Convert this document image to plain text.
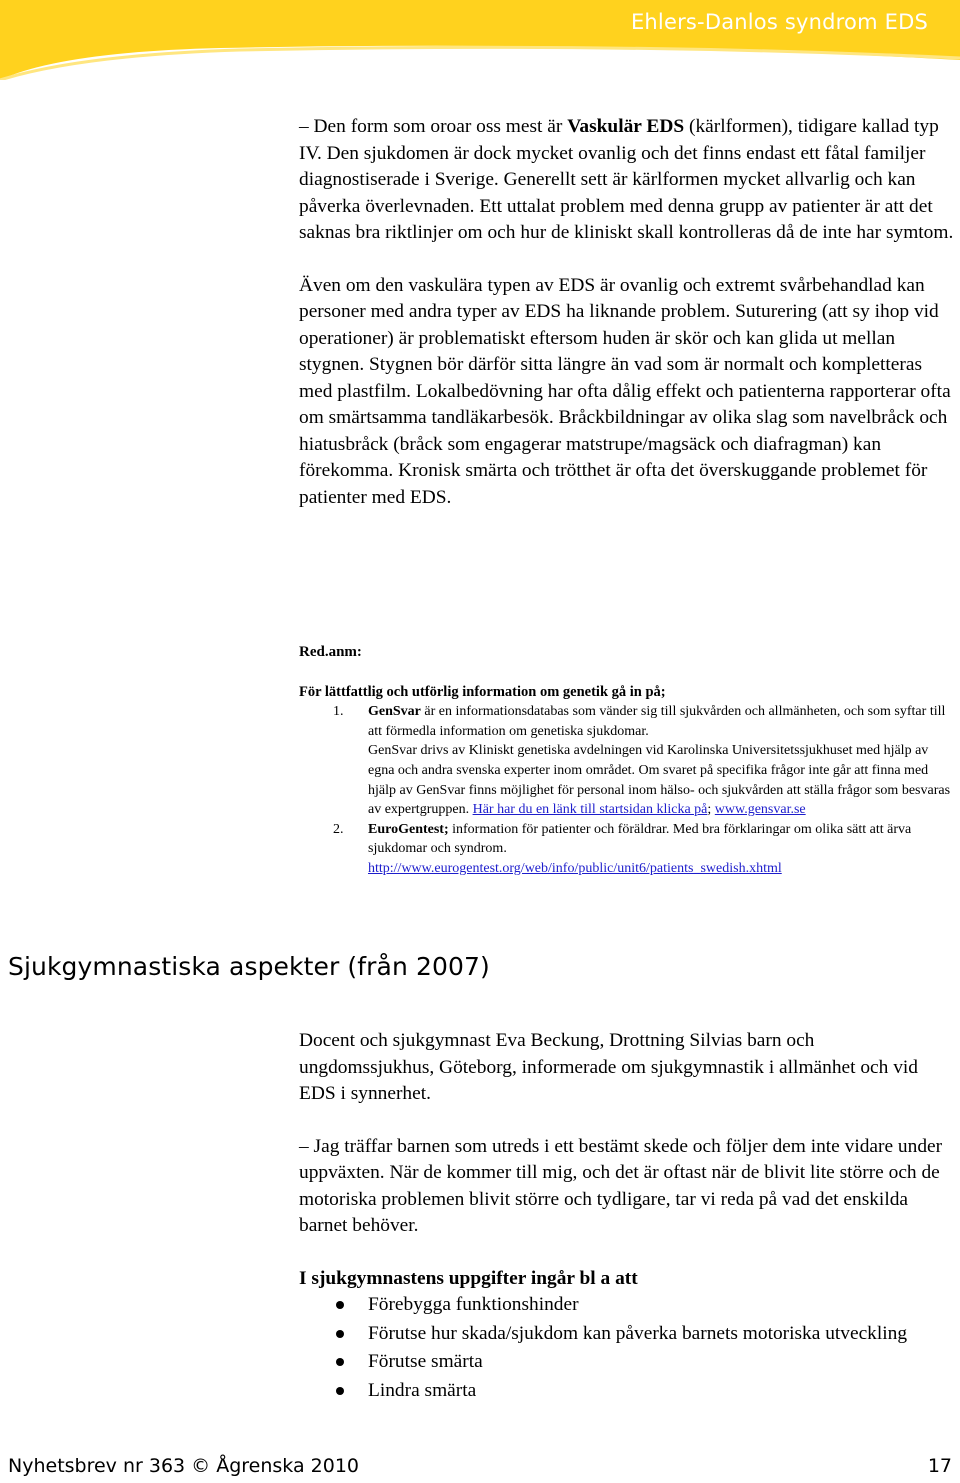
Ehlers-Danlos syndrom EDS

– Den form som oroar oss mest är Vaskulär EDS (kärlformen), tidigare kallad typ IV. Den sjukdomen är dock mycket ovanlig och det finns endast ett fåtal familjer diagnostiserade i Sverige. Generellt sett är kärlformen mycket allvarlig och kan påverka överlevnaden. Ett uttalat problem med denna grupp av patienter är att det saknas bra riktlinjer om och hur de kliniskt skall kontrolleras då de inte har symtom.

Även om den vaskulära typen av EDS är ovanlig och extremt svårbehandlad kan personer med andra typer av EDS ha liknande problem. Suturering (att sy ihop vid operationer) är problematiskt eftersom huden är skör och kan glida ut mellan stygnen. Stygnen bör därför sitta längre än vad som är normalt och kompletteras med plastfilm. Lokalbedövning har ofta dålig effekt och patienterna rapporterar ofta om smärtsamma tandläkarbesök. Bråckbildningar av olika slag som navelbråck och hiatusbråck (bråck som engagerar matstrupe/magsäck och diafragman) kan förekomma. Kronisk smärta och trötthet är ofta det överskuggande problemet för patienter med EDS.

Red.anm:

För lättfattlig och utförlig information om genetik gå in på;

1. GenSvar är en informationsdatabas som vänder sig till sjukvården och allmänheten, och som syftar till att förmedla information om genetiska sjukdomar.
GenSvar drivs av Kliniskt genetiska avdelningen vid Karolinska Universitetssjukhuset med hjälp av egna och andra svenska experter inom området. Om svaret på specifika frågor inte går att finna med hjälp av GenSvar finns möjlighet för personal inom hälso- och sjukvården att ställa frågor som besvaras av expertgruppen. Här har du en länk till startsidan klicka på; www.gensvar.se
2. EuroGentest; information för patienter och föräldrar. Med bra förklaringar om olika sätt att ärva sjukdomar och syndrom.
http://www.eurogentest.org/web/info/public/unit6/patients_swedish.xhtml
Sjukgymnastiska aspekter (från 2007)

Docent och sjukgymnast Eva Beckung, Drottning Silvias barn och ungdomssjukhus, Göteborg, informerade om sjukgymnastik i allmänhet och vid EDS i synnerhet.

– Jag träffar barnen som utreds i ett bestämt skede och följer dem inte vidare under uppväxten. När de kommer till mig, och det är oftast när de blivit lite större och de motoriska problemen blivit större och tydligare, tar vi reda på vad det enskilda barnet behöver.

I sjukgymnastens uppgifter ingår bl a att

Förebygga funktionshinder
Förutse hur skada/sjukdom kan påverka barnets motoriska utveckling
Förutse smärta
Lindra smärta
Nyhetsbrev nr 363 © Ågrenska 2010	17
